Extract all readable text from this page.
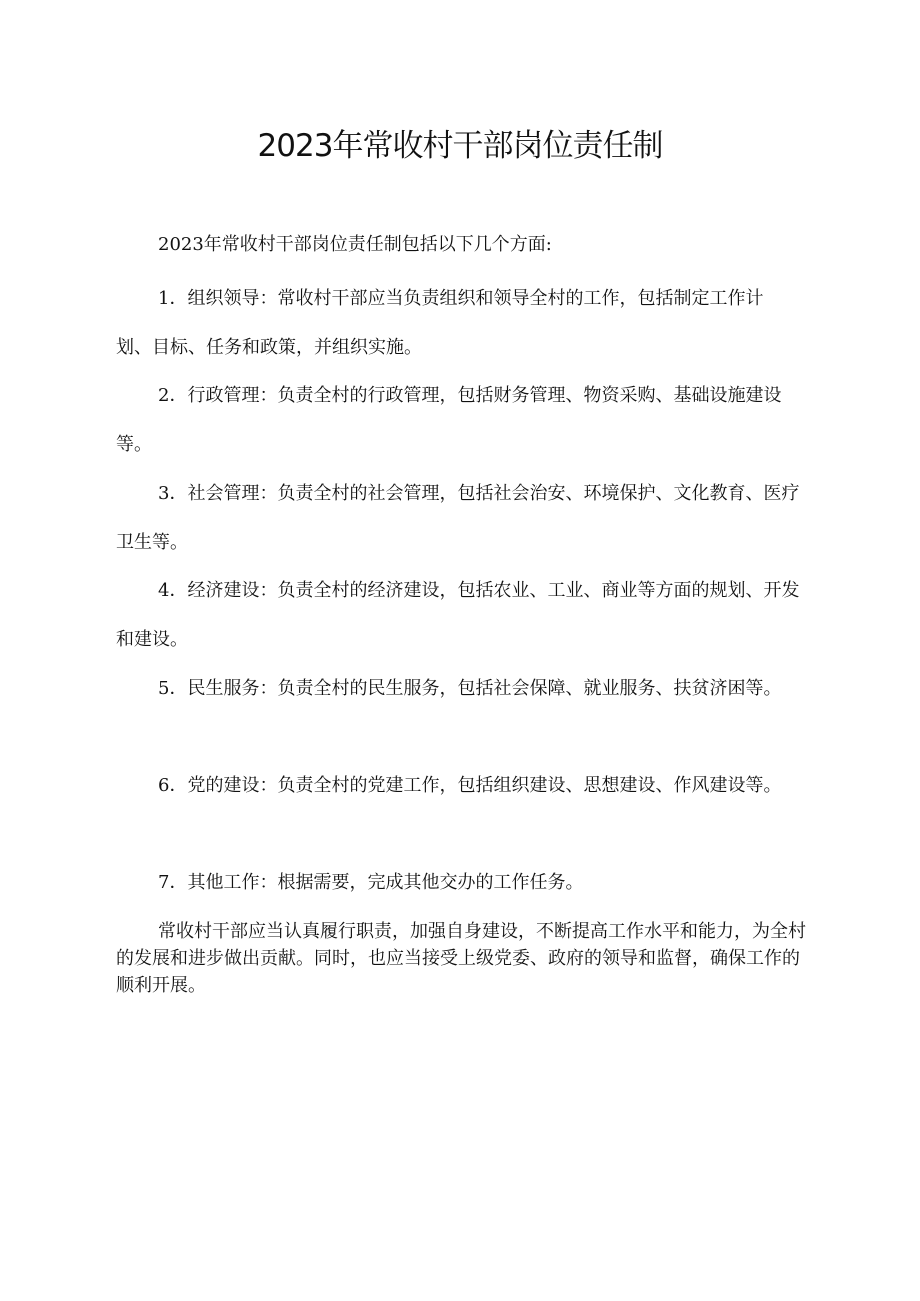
2023年常收村干部岗位责任制

2023年常收村干部岗位责任制包括以下几个方面:

1．组织领导：常收村干部应当负责组织和领导全村的工作，包括制定工作计划、目标、任务和政策，并组织实施。

2．行政管理：负责全村的行政管理，包括财务管理、物资采购、基础设施建设等。

3．社会管理：负责全村的社会管理，包括社会治安、环境保护、文化教育、医疗卫生等。

4．经济建设：负责全村的经济建设，包括农业、工业、商业等方面的规划、开发和建设。

5．民生服务：负责全村的民生服务，包括社会保障、就业服务、扶贫济困等。

6．党的建设：负责全村的党建工作，包括组织建设、思想建设、作风建设等。

7．其他工作：根据需要，完成其他交办的工作任务。

常收村干部应当认真履行职责，加强自身建设，不断提高工作水平和能力，为全村的发展和进步做出贡献。同时，也应当接受上级党委、政府的领导和监督，确保工作的顺利开展。
